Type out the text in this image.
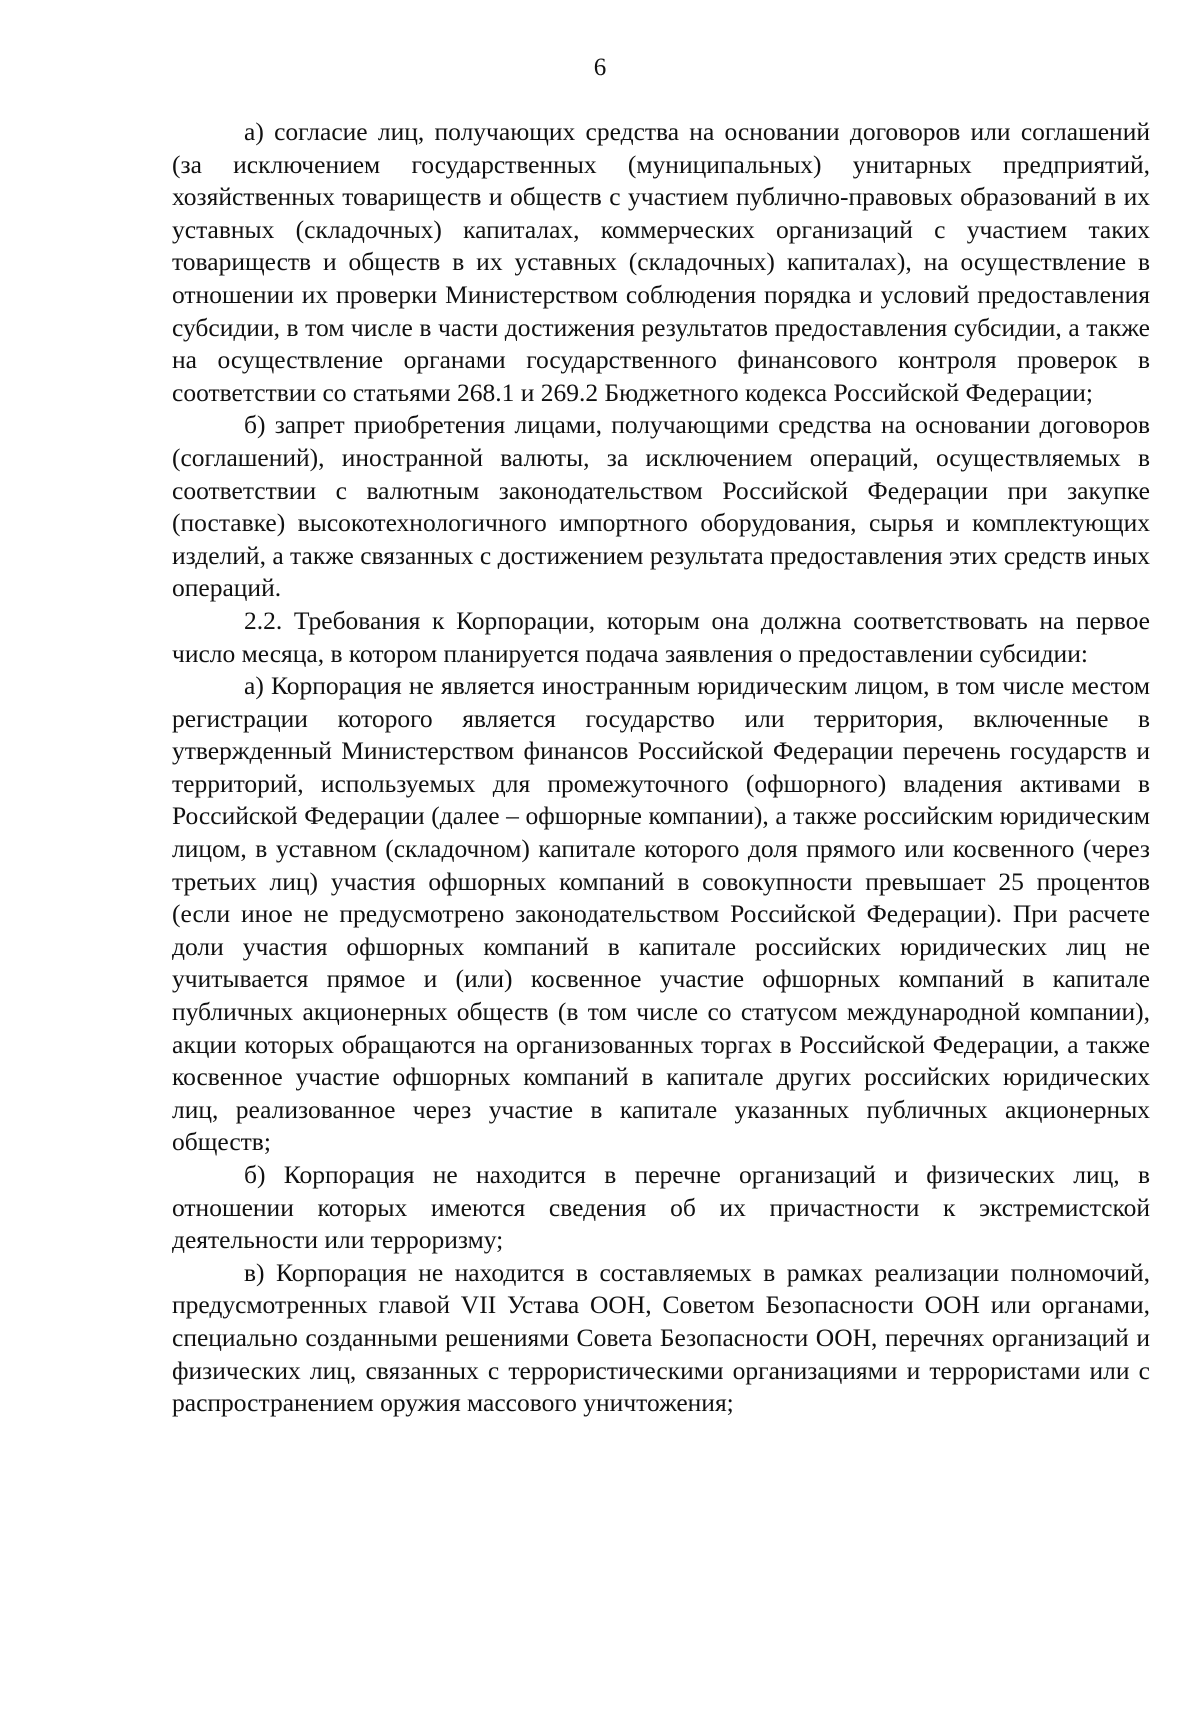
6

а) согласие лиц, получающих средства на основании договоров или соглашений (за исключением государственных (муниципальных) унитарных предприятий, хозяйственных товариществ и обществ с участием публично-правовых образований в их уставных (складочных) капиталах, коммерческих организаций с участием таких товариществ и обществ в их уставных (складочных) капиталах), на осуществление в отношении их проверки Министерством соблюдения порядка и условий предоставления субсидии, в том числе в части достижения результатов предоставления субсидии, а также на осуществление органами государственного финансового контроля проверок в соответствии со статьями 268.1 и 269.2 Бюджетного кодекса Российской Федерации;

б) запрет приобретения лицами, получающими средства на основании договоров (соглашений), иностранной валюты, за исключением операций, осуществляемых в соответствии с валютным законодательством Российской Федерации при закупке (поставке) высокотехнологичного импортного оборудования, сырья и комплектующих изделий, а также связанных с достижением результата предоставления этих средств иных операций.

2.2. Требования к Корпорации, которым она должна соответствовать на первое число месяца, в котором планируется подача заявления о предоставлении субсидии:

а) Корпорация не является иностранным юридическим лицом, в том числе местом регистрации которого является государство или территория, включенные в утвержденный Министерством финансов Российской Федерации перечень государств и территорий, используемых для промежуточного (офшорного) владения активами в Российской Федерации (далее – офшорные компании), а также российским юридическим лицом, в уставном (складочном) капитале которого доля прямого или косвенного (через третьих лиц) участия офшорных компаний в совокупности превышает 25 процентов (если иное не предусмотрено законодательством Российской Федерации). При расчете доли участия офшорных компаний в капитале российских юридических лиц не учитывается прямое и (или) косвенное участие офшорных компаний в капитале публичных акционерных обществ (в том числе со статусом международной компании), акции которых обращаются на организованных торгах в Российской Федерации, а также косвенное участие офшорных компаний в капитале других российских юридических лиц, реализованное через участие в капитале указанных публичных акционерных обществ;

б) Корпорация не находится в перечне организаций и физических лиц, в отношении которых имеются сведения об их причастности к экстремистской деятельности или терроризму;

в) Корпорация не находится в составляемых в рамках реализации полномочий, предусмотренных главой VII Устава ООН, Советом Безопасности ООН или органами, специально созданными решениями Совета Безопасности ООН, перечнях организаций и физических лиц, связанных с террористическими организациями и террористами или с распространением оружия массового уничтожения;
